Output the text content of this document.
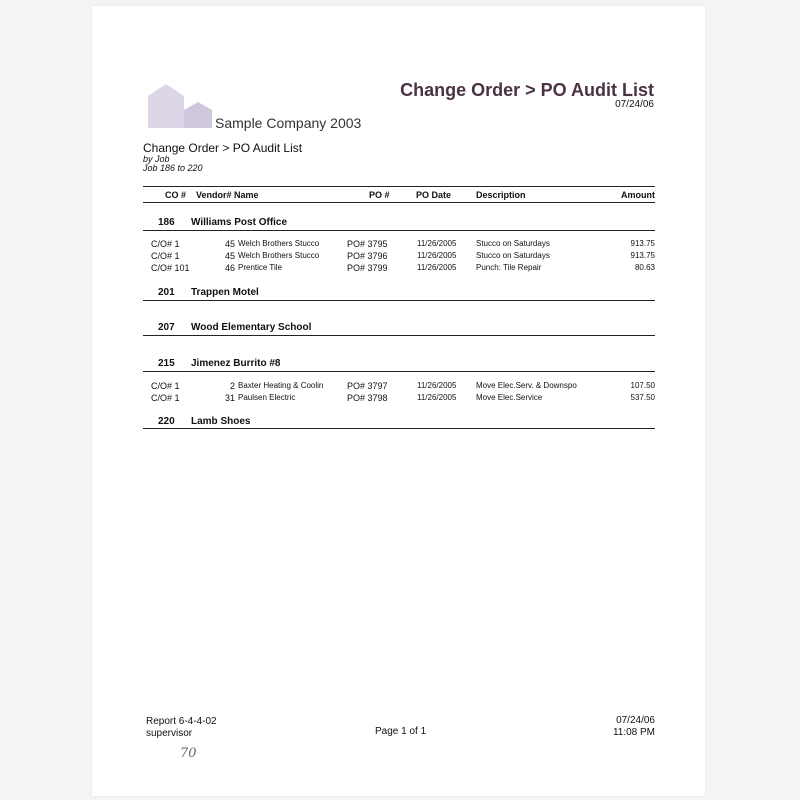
Sample Company 2003
Change Order > PO Audit List
07/24/06
Change Order > PO Audit List
by Job
Job 186 to 220
CO # Vendor# Name	PO #	PO Date	Description	Amount
186 Williams Post Office
C/O# 1	45 Welch Brothers Stucco	PO# 3795	11/26/2005 Stucco on Saturdays	913.75
C/O# 1	45 Welch Brothers Stucco	PO# 3796	11/26/2005 Stucco on Saturdays	913.75
C/O# 101	46 Prentice Tile	PO# 3799	11/26/2005 Punch: Tile Repair	80.63
201 Trappen Motel
207 Wood Elementary School
215 Jimenez Burrito #8
C/O# 1	2 Baxter Heating & Coolin	PO# 3797	11/26/2005 Move Elec.Serv. & Downspo	107.50
C/O# 1	31 Paulsen Electric	PO# 3798	11/26/2005 Move Elec.Service	537.50
220 Lamb Shoes
Report 6-4-4-02
supervisor	Page 1 of 1
07/24/06
11:08 PM
70
